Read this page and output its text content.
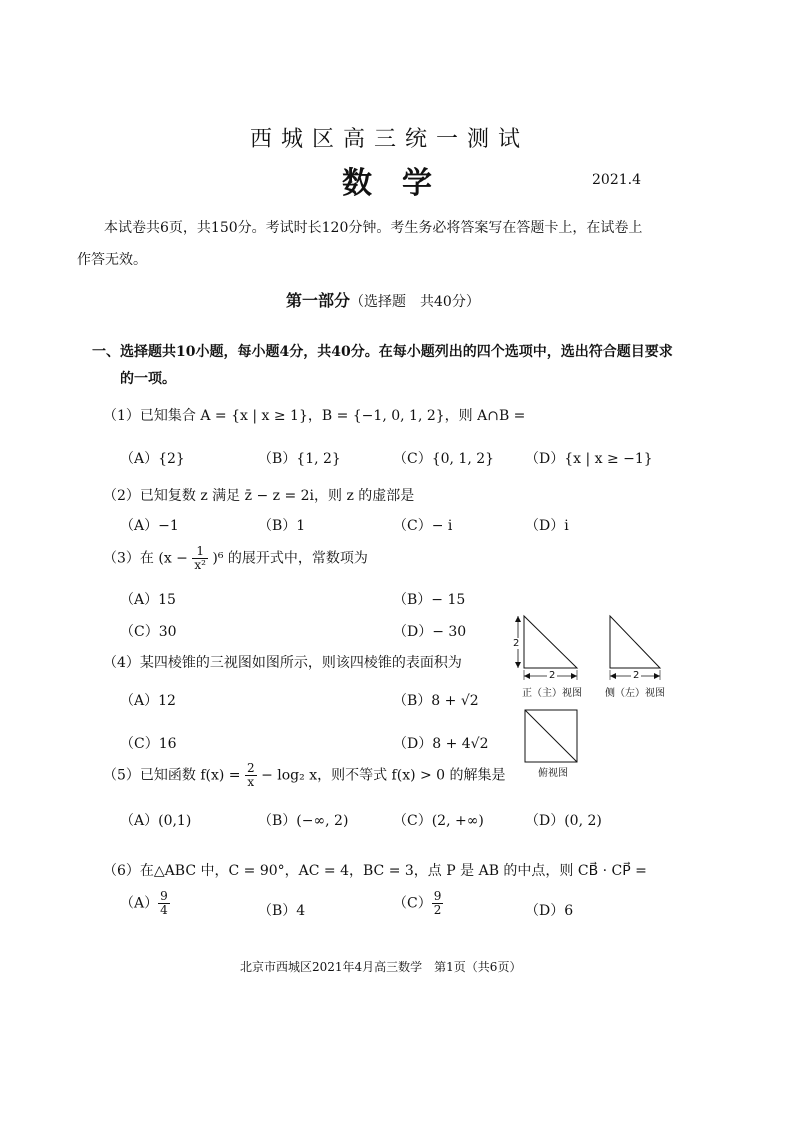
西城区高三统一测试
数学	2021.4
本试卷共6页，共150分。考试时长120分钟。考生务必将答案写在答题卡上，在试卷上
作答无效。
第一部分（选择题　共40分）
一、选择题共10小题，每小题4分，共40分。在每小题列出的四个选项中，选出符合题目要求
的一项。
（1）已知集合 A = {x | x ≥ 1}，B = {−1, 0, 1, 2}，则 A∩B =
（A）{2}	（B）{1, 2}	（C）{0, 1, 2} （D）{x | x ≥ −1}
（2）已知复数 z 满足 z̄ − z = 2i，则 z 的虚部是
（A）−1	（B）1	（C）− i	（D）i
（3）在 $(x - \frac{1}{\text{x²}} )^6$ 的展开式中，常数项为
（A）15	（B）− 15
（C）30	（D）− 30
（4）某四棱锥的三视图如图所示，则该四棱锥的表面积为
（A）12	（B）8 + √2
（C）16	（D）8 + 4√2
2
2	2
正（主）视图 侧（左）视图
俯视图
（5）已知函数 $f(x) = \frac{2}{x} - \log_2$ x，则不等式 f(x) > 0 的解集是
（A）(0,1)	（B）(−∞, 2)	（C）(2, +∞)	（D）(0, 2)
（6）在△ABC 中，C = 90°，AC = 4，BC = 3，点 P 是 AB 的中点，则 CB⃗ · CP⃗ =
$(A) \frac{9}{4}$	（B）4	$(C) \frac{9}{2}$	（D）6
北京市西城区2021年4月高三数学　第1页（共6页）
